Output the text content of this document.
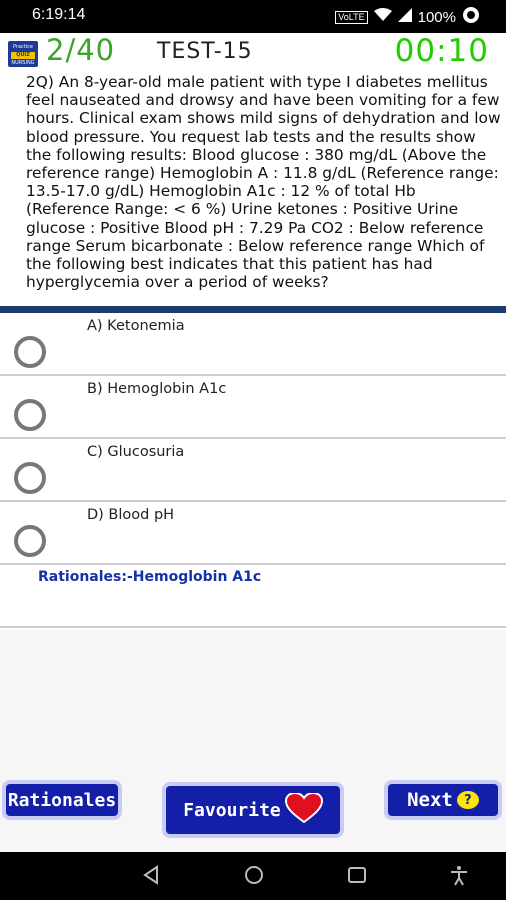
6:19:14	VoLTE	100%
Practice
QUIZ
NURSING 2/40 TEST-15	00:10
2Q) An 8-year-old male patient with type I diabetes mellitus feel nauseated and drowsy and have been vomiting for a few hours. Clinical exam shows mild signs of dehydration and low blood pressure. You request lab tests and the results show the following results: Blood glucose : 380 mg/dL (Above the reference range) Hemoglobin A : 11.8 g/dL (Reference range: 13.5-17.0 g/dL) Hemoglobin A1c : 12 % of total Hb (Reference Range: < 6 %) Urine ketones : Positive Urine glucose : Positive Blood pH : 7.29 Pa CO2 : Below reference range Serum bicarbonate : Below reference range Which of the following best indicates that this patient has had hyperglycemia over a period of weeks?
A) Ketonemia
B) Hemoglobin A1c
C) Glucosuria
D) Blood pH
Rationales:-Hemoglobin A1c
Rationales	Favourite	Next ?
